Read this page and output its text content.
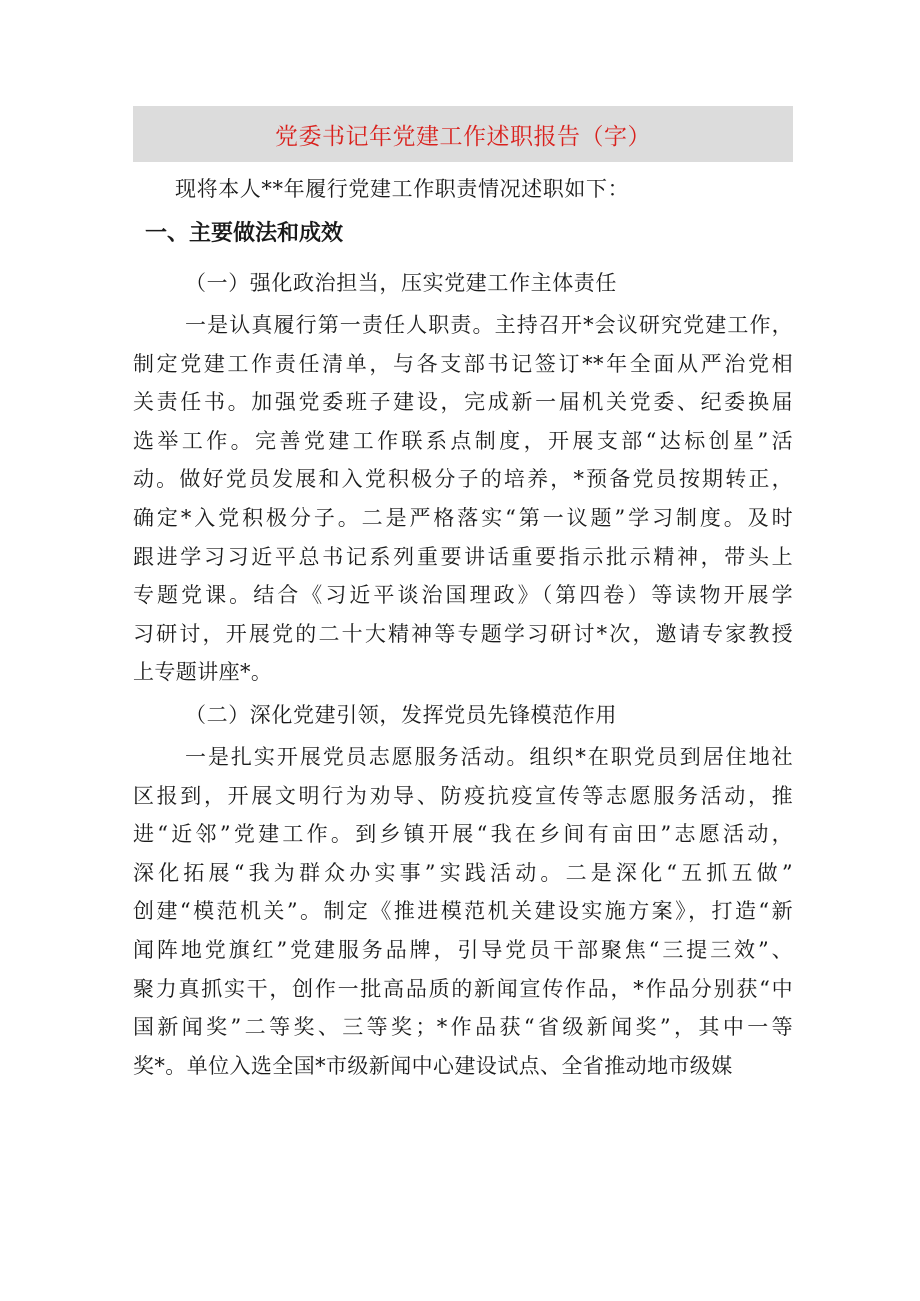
党委书记年党建工作述职报告（字）
现将本人**年履行党建工作职责情况述职如下：
一、主要做法和成效
（一）强化政治担当，压实党建工作主体责任
一是认真履行第一责任人职责。主持召开*会议研究党建工作，
制定党建工作责任清单，与各支部书记签订**年全面从严治党相
关责任书。加强党委班子建设，完成新一届机关党委、纪委换届
选举工作。完善党建工作联系点制度，开展支部“达标创星”活
动。做好党员发展和入党积极分子的培养，*预备党员按期转正，
确定*入党积极分子。二是严格落实“第一议题”学习制度。及时
跟进学习习近平总书记系列重要讲话重要指示批示精神，带头上
专题党课。结合《习近平谈治国理政》（第四卷）等读物开展学
习研讨，开展党的二十大精神等专题学习研讨*次，邀请专家教授
上专题讲座*。
（二）深化党建引领，发挥党员先锋模范作用
一是扎实开展党员志愿服务活动。组织*在职党员到居住地社
区报到，开展文明行为劝导、防疫抗疫宣传等志愿服务活动，推
进“近邻”党建工作。到乡镇开展“我在乡间有亩田”志愿活动，
深化拓展“我为群众办实事”实践活动。二是深化“五抓五做”
创建“模范机关”。制定《推进模范机关建设实施方案》，打造“新
闻阵地党旗红”党建服务品牌，引导党员干部聚焦“三提三效”、
聚力真抓实干，创作一批高品质的新闻宣传作品，*作品分别获“中
国新闻奖”二等奖、三等奖；*作品获“省级新闻奖”，其中一等
奖*。单位入选全国*市级新闻中心建设试点、全省推动地市级媒
